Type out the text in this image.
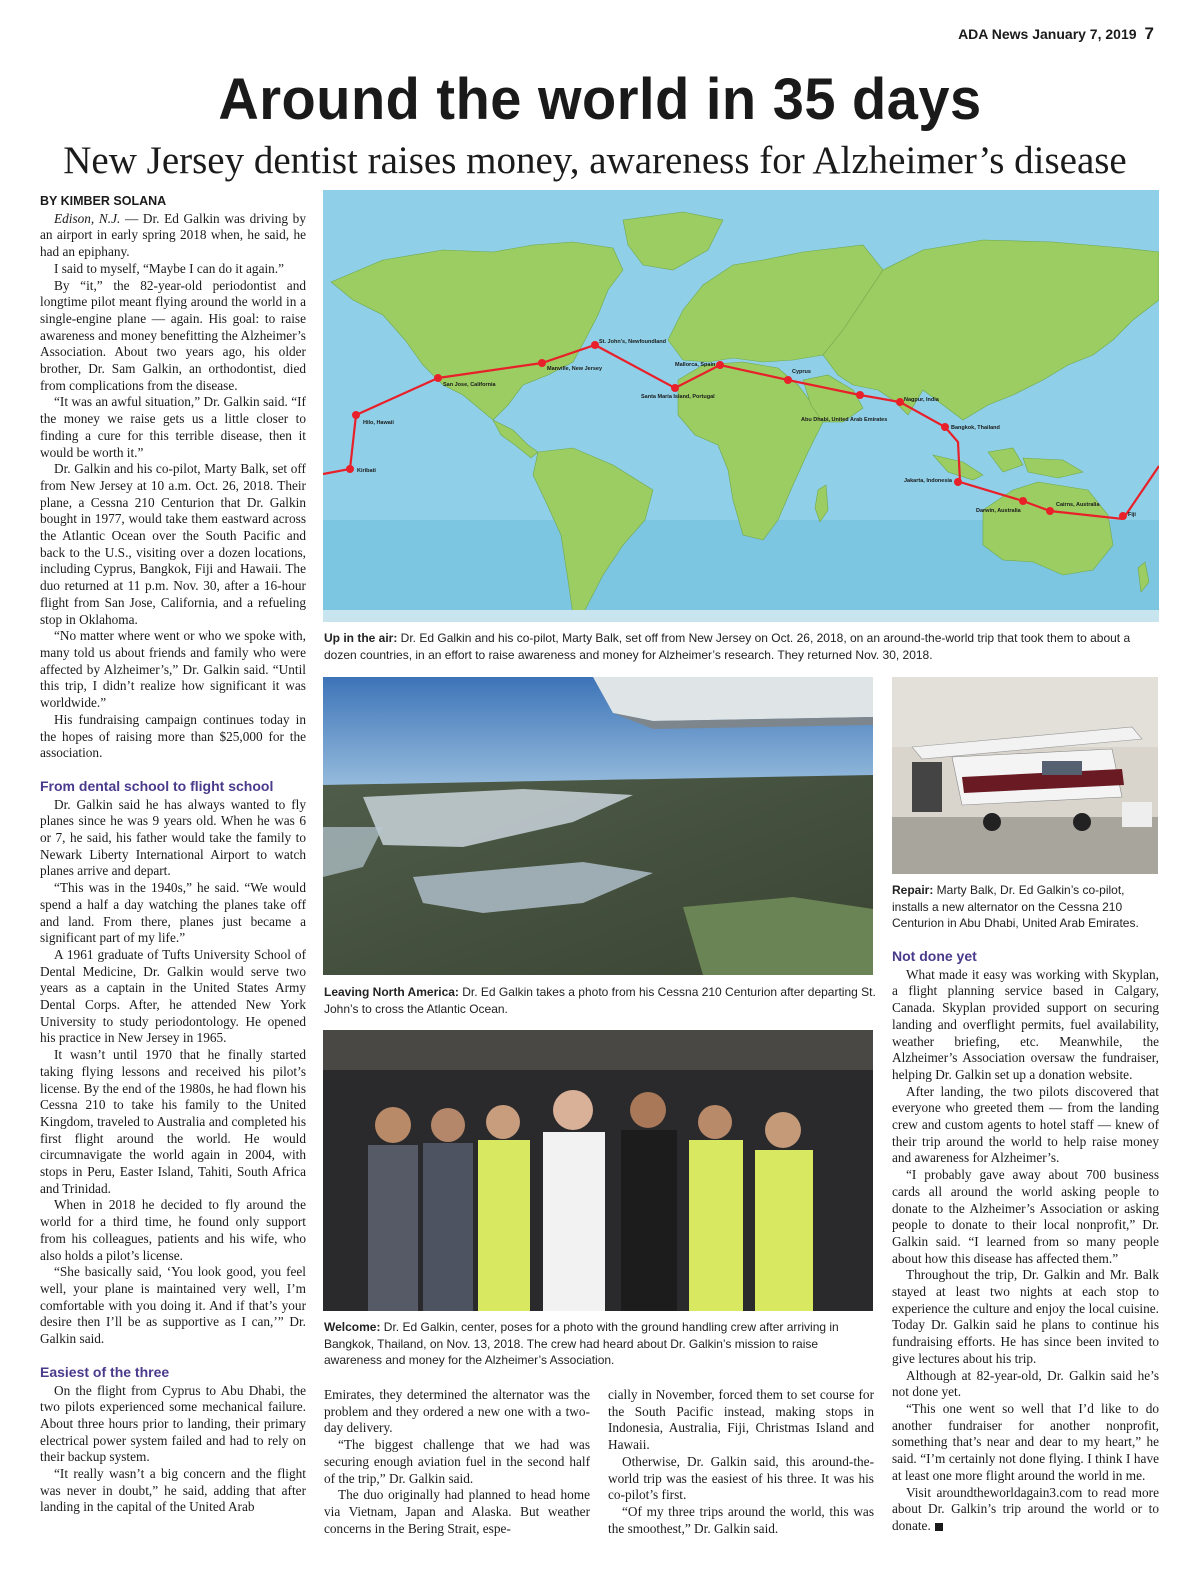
ADA News January 7, 2019 7
Around the world in 35 days
New Jersey dentist raises money, awareness for Alzheimer’s disease

BY KIMBER SOLANA

Edison, N.J. — Dr. Ed Galkin was driving by an airport in early spring 2018 when, he said, he had an epiphany.

I said to myself, “Maybe I can do it again.”

By “it,” the 82-year-old periodontist and longtime pilot meant flying around the world in a single-engine plane — again. His goal: to raise awareness and money benefitting the Alzheimer’s Association. About two years ago, his older brother, Dr. Sam Galkin, an orthodontist, died from complications from the disease.

“It was an awful situation,” Dr. Galkin said. “If the money we raise gets us a little closer to finding a cure for this terrible disease, then it would be worth it.”

Dr. Galkin and his co-pilot, Marty Balk, set off from New Jersey at 10 a.m. Oct. 26, 2018. Their plane, a Cessna 210 Centurion that Dr. Galkin bought in 1977, would take them eastward across the Atlantic Ocean over the South Pacific and back to the U.S., visiting over a dozen locations, including Cyprus, Bangkok, Fiji and Hawaii. The duo returned at 11 p.m. Nov. 30, after a 16-hour flight from San Jose, California, and a refueling stop in Oklahoma.

“No matter where went or who we spoke with, many told us about friends and family who were affected by Alzheimer’s,” Dr. Galkin said. “Until this trip, I didn’t realize how significant it was worldwide.”

His fundraising campaign continues today in the hopes of raising more than $25,000 for the association.

From dental school to flight school

Dr. Galkin said he has always wanted to fly planes since he was 9 years old. When he was 6 or 7, he said, his father would take the family to Newark Liberty International Airport to watch planes arrive and depart.

“This was in the 1940s,” he said. “We would spend a half a day watching the planes take off and land. From there, planes just became a significant part of my life.”

A 1961 graduate of Tufts University School of Dental Medicine, Dr. Galkin would serve two years as a captain in the United States Army Dental Corps. After, he attended New York University to study periodontology. He opened his practice in New Jersey in 1965.

It wasn’t until 1970 that he finally started taking flying lessons and received his pilot’s license. By the end of the 1980s, he had flown his Cessna 210 to take his family to the United Kingdom, traveled to Australia and completed his first flight around the world. He would circumnavigate the world again in 2004, with stops in Peru, Easter Island, Tahiti, South Africa and Trinidad.

When in 2018 he decided to fly around the world for a third time, he found only support from his colleagues, patients and his wife, who also holds a pilot’s license.

“She basically said, ‘You look good, you feel well, your plane is maintained very well, I’m comfortable with you doing it. And if that’s your desire then I’ll be as supportive as I can,’” Dr. Galkin said.

Easiest of the three

On the flight from Cyprus to Abu Dhabi, the two pilots experienced some mechanical failure. About three hours prior to landing, their primary electrical power system failed and had to rely on their backup system.

“It really wasn’t a big concern and the flight was never in doubt,” he said, adding that after landing in the capital of the United Arab

St. John’s, Newfoundland
Manville, New Jersey
San Jose, California
Hilo, Hawaii
Kiribati
Mallorca, Spain
Santa Maria Island, Portugal
Cyprus
Abu Dhabi, United Arab Emirates
Nagpur, India
Bangkok, Thailand
Jakarta, Indonesia
Darwin, Australia
Cairns, Australia
Fiji
Up in the air: Dr. Ed Galkin and his co-pilot, Marty Balk, set off from New Jersey on Oct. 26, 2018, on an around-the-world trip that took them to about a dozen countries, in an effort to raise awareness and money for Alzheimer’s research. They returned Nov. 30, 2018.
Leaving North America: Dr. Ed Galkin takes a photo from his Cessna 210 Centurion after departing St. John’s to cross the Atlantic Ocean.
Repair: Marty Balk, Dr. Ed Galkin’s co-pilot, installs a new alternator on the Cessna 210 Centurion in Abu Dhabi, United Arab Emirates.
Welcome: Dr. Ed Galkin, center, poses for a photo with the ground handling crew after arriving in Bangkok, Thailand, on Nov. 13, 2018. The crew had heard about Dr. Galkin’s mission to raise awareness and money for the Alzheimer’s Association.

Emirates, they determined the alternator was the problem and they ordered a new one with a two-day delivery.

“The biggest challenge that we had was securing enough aviation fuel in the second half of the trip,” Dr. Galkin said.

The duo originally had planned to head home via Vietnam, Japan and Alaska. But weather concerns in the Bering Strait, espe-

cially in November, forced them to set course for the South Pacific instead, making stops in Indonesia, Australia, Fiji, Christmas Island and Hawaii.

Otherwise, Dr. Galkin said, this around-the-world trip was the easiest of his three. It was his co-pilot’s first.

“Of my three trips around the world, this was the smoothest,” Dr. Galkin said.

Not done yet

What made it easy was working with Skyplan, a flight planning service based in Calgary, Canada. Skyplan provided support on securing landing and overflight permits, fuel availability, weather briefing, etc. Meanwhile, the Alzheimer’s Association oversaw the fundraiser, helping Dr. Galkin set up a donation website.

After landing, the two pilots discovered that everyone who greeted them — from the landing crew and custom agents to hotel staff — knew of their trip around the world to help raise money and awareness for Alzheimer’s.

“I probably gave away about 700 business cards all around the world asking people to donate to the Alzheimer’s Association or asking people to donate to their local nonprofit,” Dr. Galkin said. “I learned from so many people about how this disease has affected them.”

Throughout the trip, Dr. Galkin and Mr. Balk stayed at least two nights at each stop to experience the culture and enjoy the local cuisine. Today Dr. Galkin said he plans to continue his fundraising efforts. He has since been invited to give lectures about his trip.

Although at 82-year-old, Dr. Galkin said he’s not done yet.

“This one went so well that I’d like to do another fundraiser for another nonprofit, something that’s near and dear to my heart,” he said. “I’m certainly not done flying. I think I have at least one more flight around the world in me.

Visit aroundtheworldagain3.com to read more about Dr. Galkin’s trip around the world or to donate.
